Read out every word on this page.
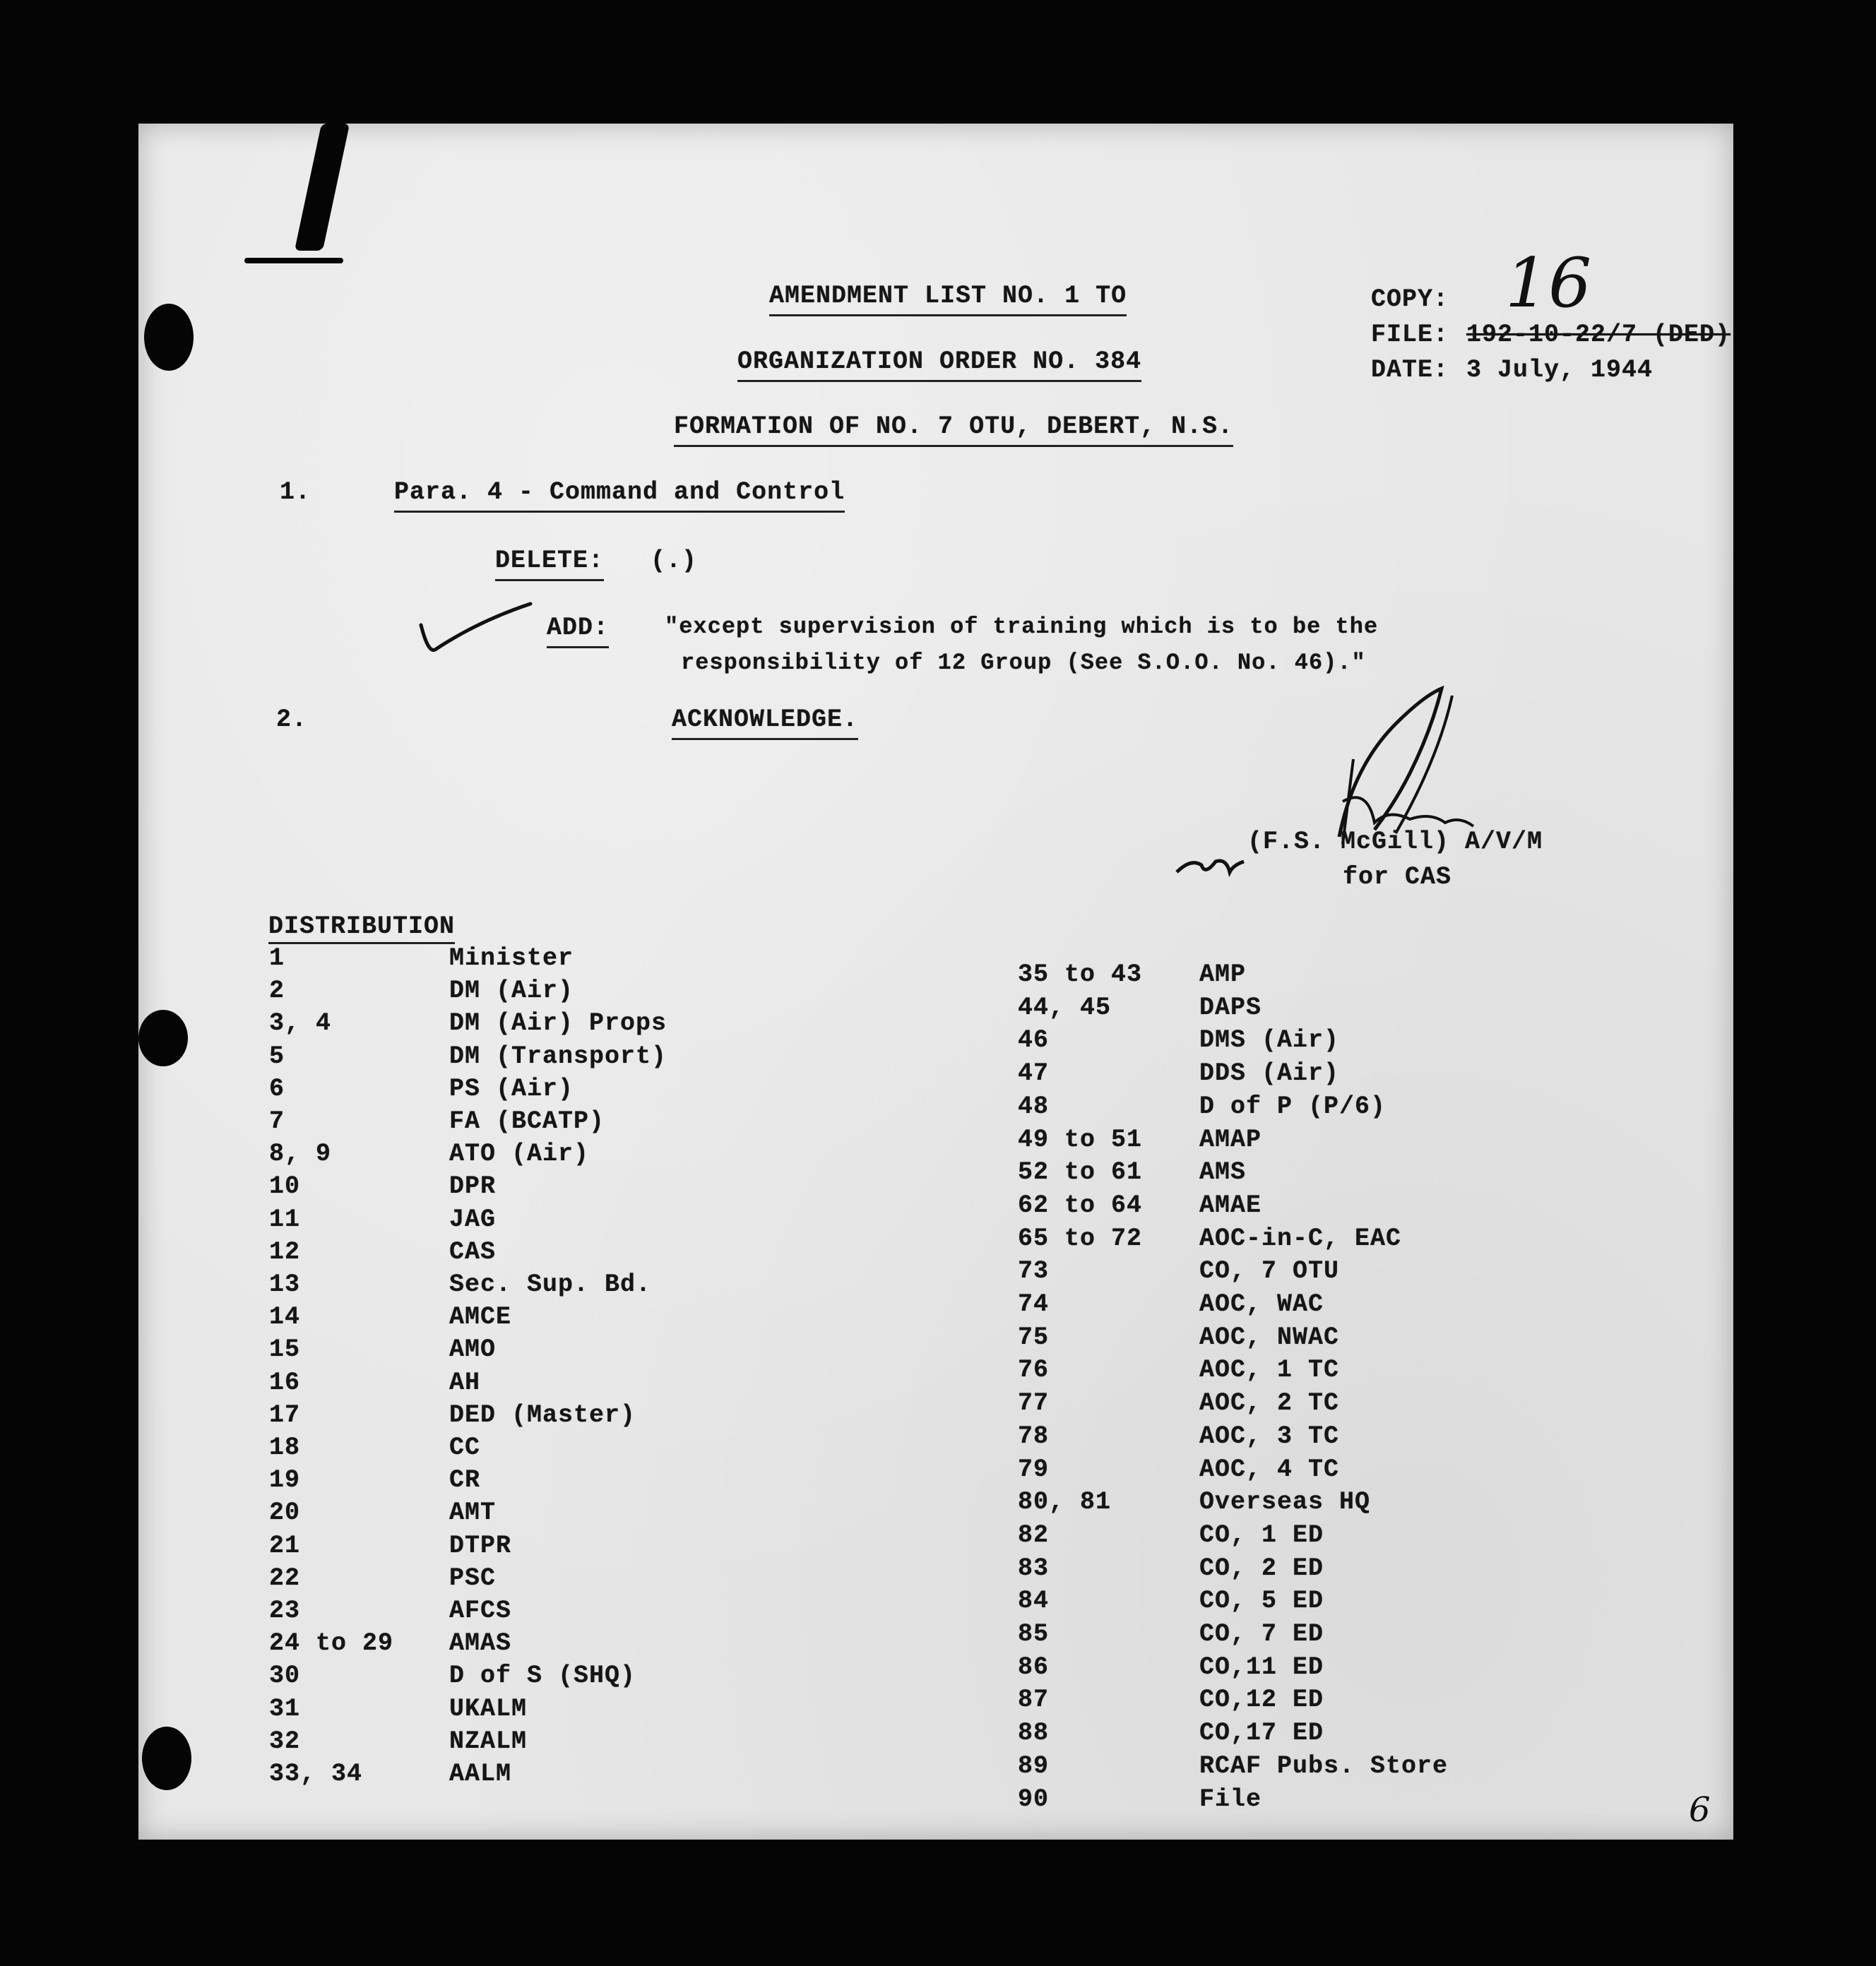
AMENDMENT LIST NO. 1 TO
ORGANIZATION ORDER NO. 384
FORMATION OF NO. 7 OTU, DEBERT, N.S.
COPY: 16
FILE: 192-10-22/7 (DED)
DATE: 3 July, 1944
1.	Para. 4 - Command and Control
DELETE: (.)
ADD: "except supervision of training which is to be the
responsibility of 12 Group (See S.O.O. No. 46)."
2.	ACKNOWLEDGE.
(F.S. McGill) A/V/M
for CAS
DISTRIBUTION
1	Minister
2	DM (Air)
3, 4	DM (Air) Props
5	DM (Transport)
6	PS (Air)
7	FA (BCATP)
8, 9	ATO (Air)
10	DPR
11	JAG
12	CAS
13	Sec. Sup. Bd.
14	AMCE
15	AMO
16	AH
17	DED (Master)
18	CC
19	CR
20	AMT
21	DTPR
22	PSC
23	AFCS
24 to 29 AMAS
30	D of S (SHQ)
31	UKALM
32	NZALM
33, 34	AALM
35 to 43 AMP
44, 45	DAPS
46	DMS (Air)
47	DDS (Air)
48	D of P (P/6)
49 to 51 AMAP
52 to 61 AMS
62 to 64 AMAE
65 to 72 AOC-in-C, EAC
73	CO, 7 OTU
74	AOC, WAC
75	AOC, NWAC
76	AOC, 1 TC
77	AOC, 2 TC
78	AOC, 3 TC
79	AOC, 4 TC
80, 81	Overseas HQ
82	CO, 1 ED
83	CO, 2 ED
84	CO, 5 ED
85	CO, 7 ED
86	CO,11 ED
87	CO,12 ED
88	CO,17 ED
89	RCAF Pubs. Store
90	File	6
